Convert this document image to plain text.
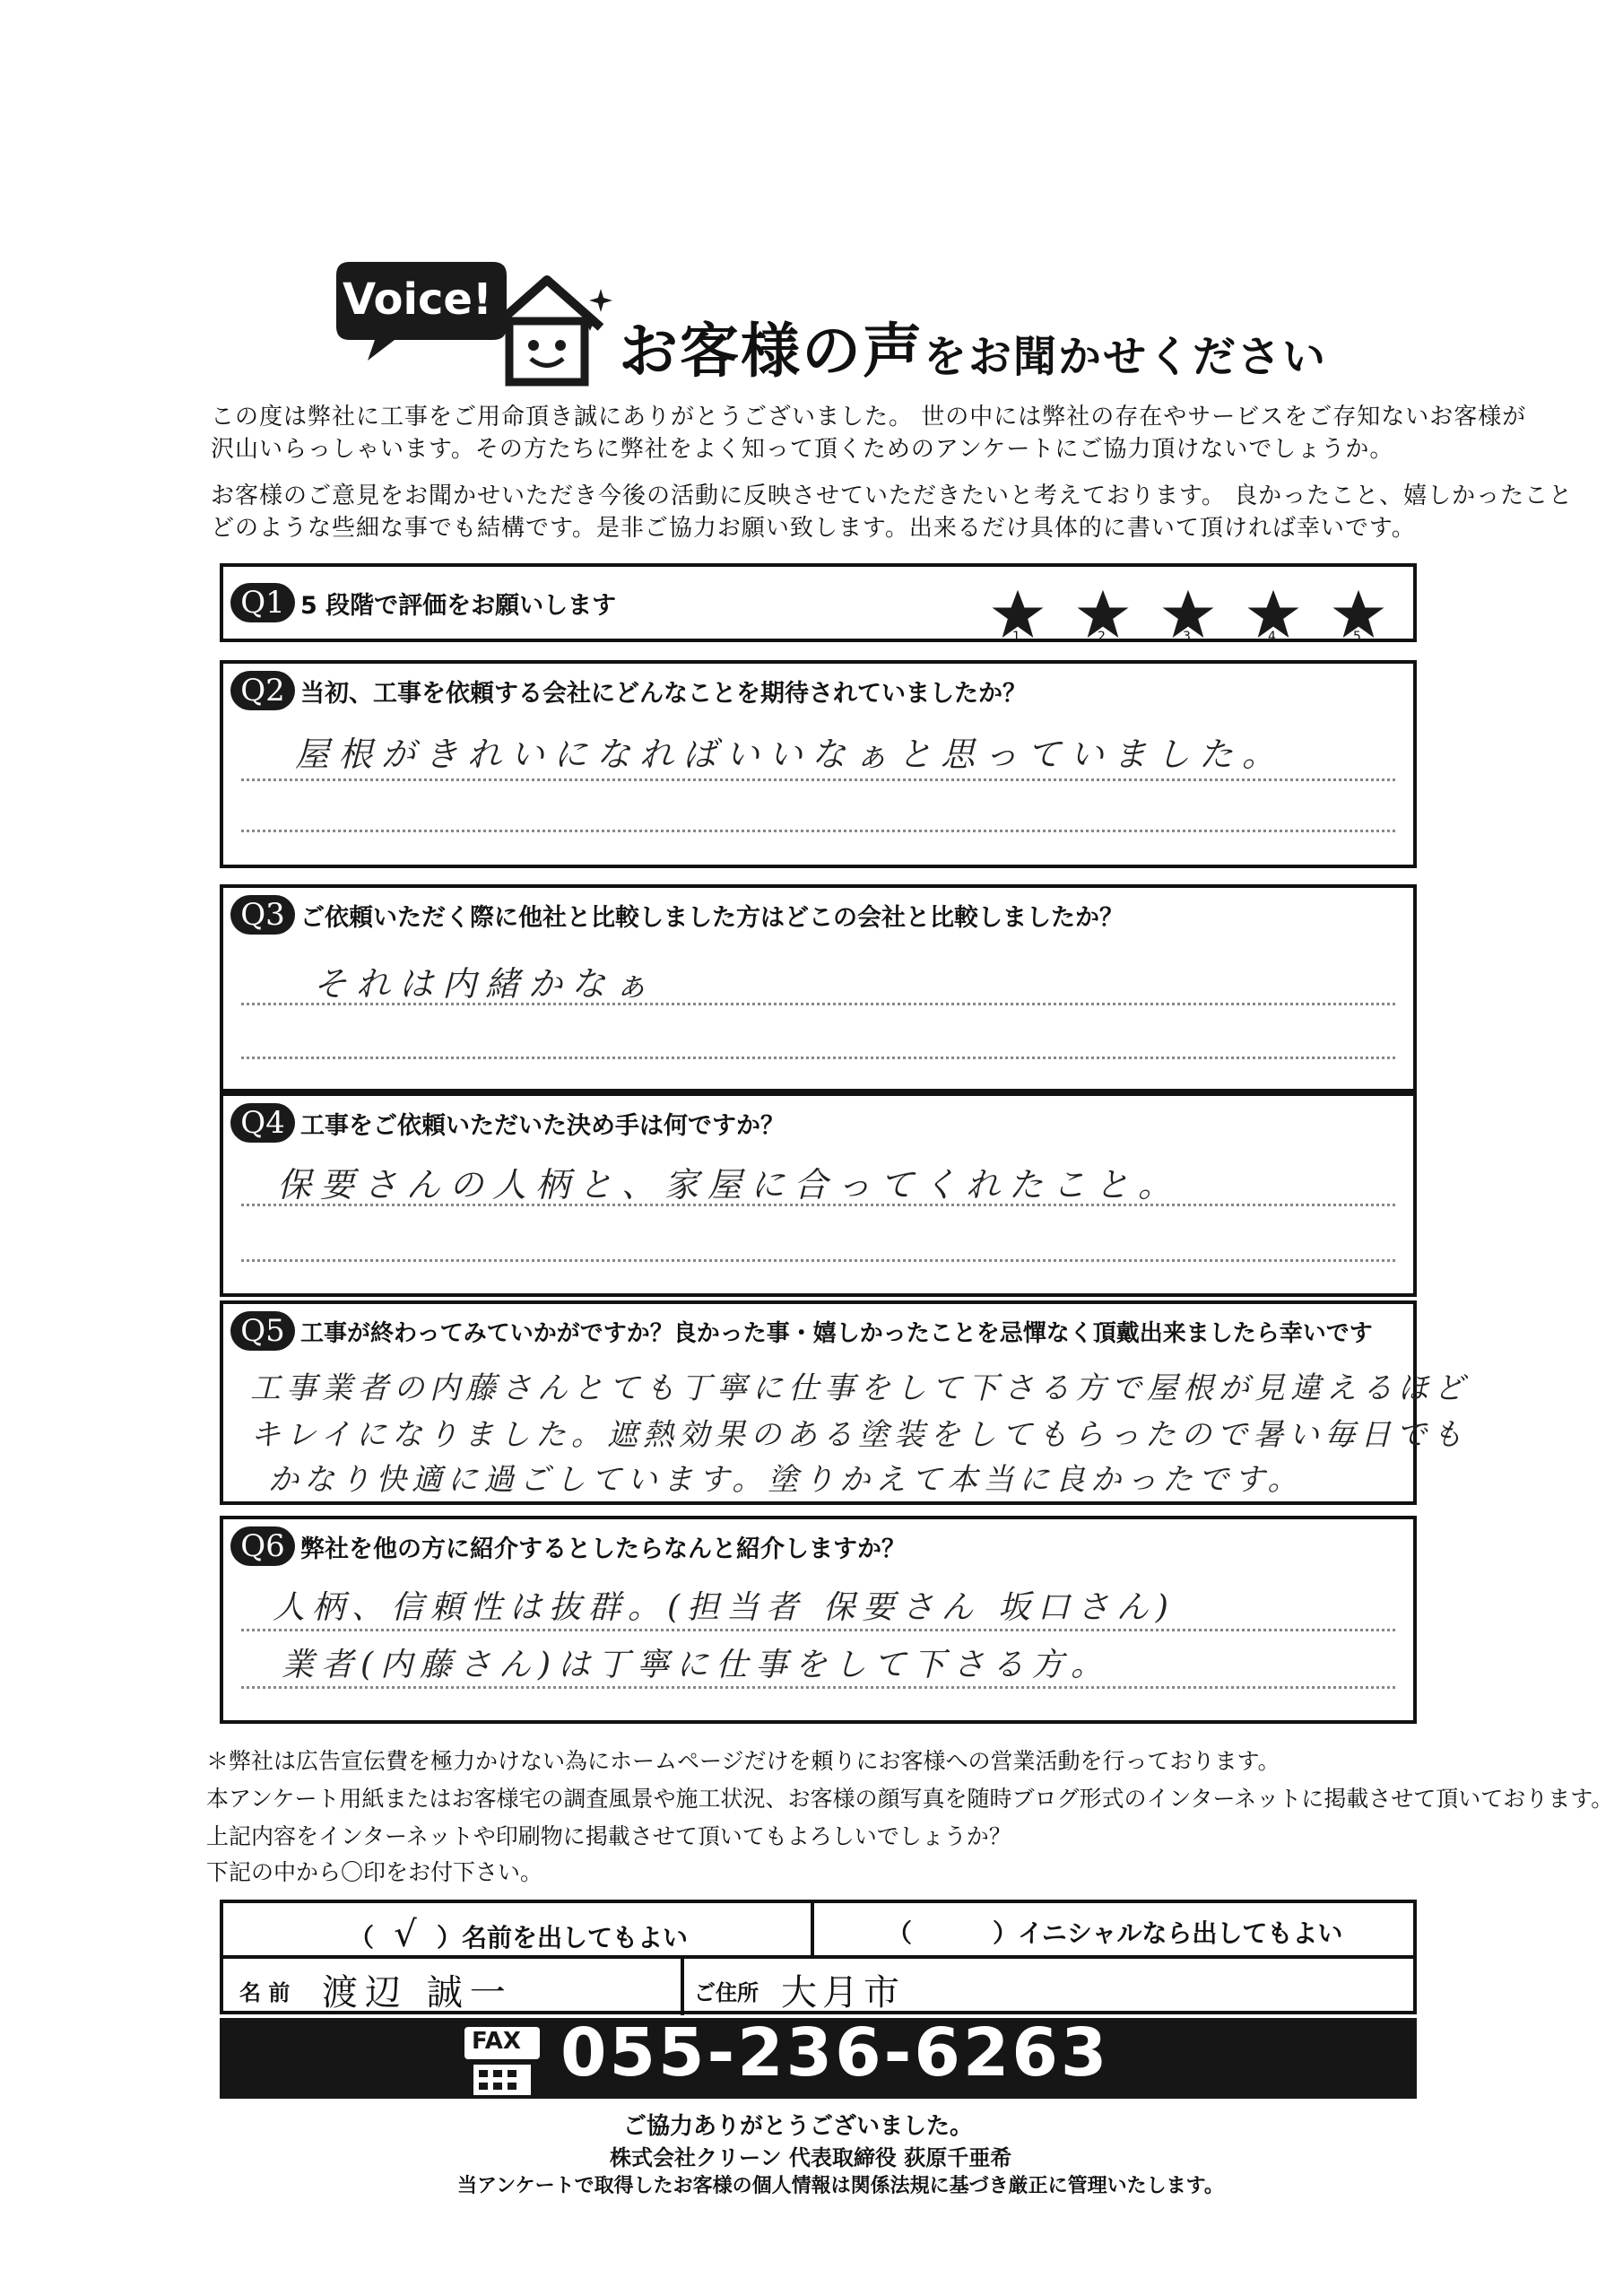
Voice!
お客様の声をお聞かせください
この度は弊社に工事をご用命頂き誠にありがとうございました。 世の中には弊社の存在やサービスをご存知ないお客様が
沢山いらっしゃいます。その方たちに弊社をよく知って頂くためのアンケートにご協力頂けないでしょうか。
お客様のご意見をお聞かせいただき今後の活動に反映させていただきたいと考えております。 良かったこと、嬉しかったこと
どのような些細な事でも結構です。是非ご協力お願い致します。出来るだけ具体的に書いて頂ければ幸いです。
Q1 5 段階で評価をお願いします
1	2	3	4	5
Q2 当初、工事を依頼する会社にどんなことを期待されていましたか？
屋根がきれいになればいいなぁと思っていました。
Q3 ご依頼いただく際に他社と比較しました方はどこの会社と比較しましたか？
それは内緒かなぁ
Q4 工事をご依頼いただいた決め手は何ですか？
保要さんの人柄と、家屋に合ってくれたこと。
Q5 工事が終わってみていかがですか？良かった事・嬉しかったことを忌憚なく頂戴出来ましたら幸いです
工事業者の内藤さんとても丁寧に仕事をして下さる方で屋根が見違えるほど
キレイになりました。遮熱効果のある塗装をしてもらったので暑い毎日でも
かなり快適に過ごしています。塗りかえて本当に良かったです。
Q6 弊社を他の方に紹介するとしたらなんと紹介しますか？
人柄、信頼性は抜群。(担当者 保要さん 坂口さん)
業者(内藤さん)は丁寧に仕事をして下さる方。
＊弊社は広告宣伝費を極力かけない為にホームページだけを頼りにお客様への営業活動を行っております。
本アンケート用紙またはお客様宅の調査風景や施工状況、お客様の顔写真を随時ブログ形式のインターネットに掲載させて頂いております。
上記内容をインターネットや印刷物に掲載させて頂いてもよろしいでしょうか？
下記の中から〇印をお付下さい。
（ √ ）名前を出してもよい	（	）イニシャルなら出してもよい
名 前 渡辺 誠一	ご住所 大月市
FAX 055-236-6263
ご協力ありがとうございました。
株式会社クリーン 代表取締役 荻原千亜希
当アンケートで取得したお客様の個人情報は関係法規に基づき厳正に管理いたします。
